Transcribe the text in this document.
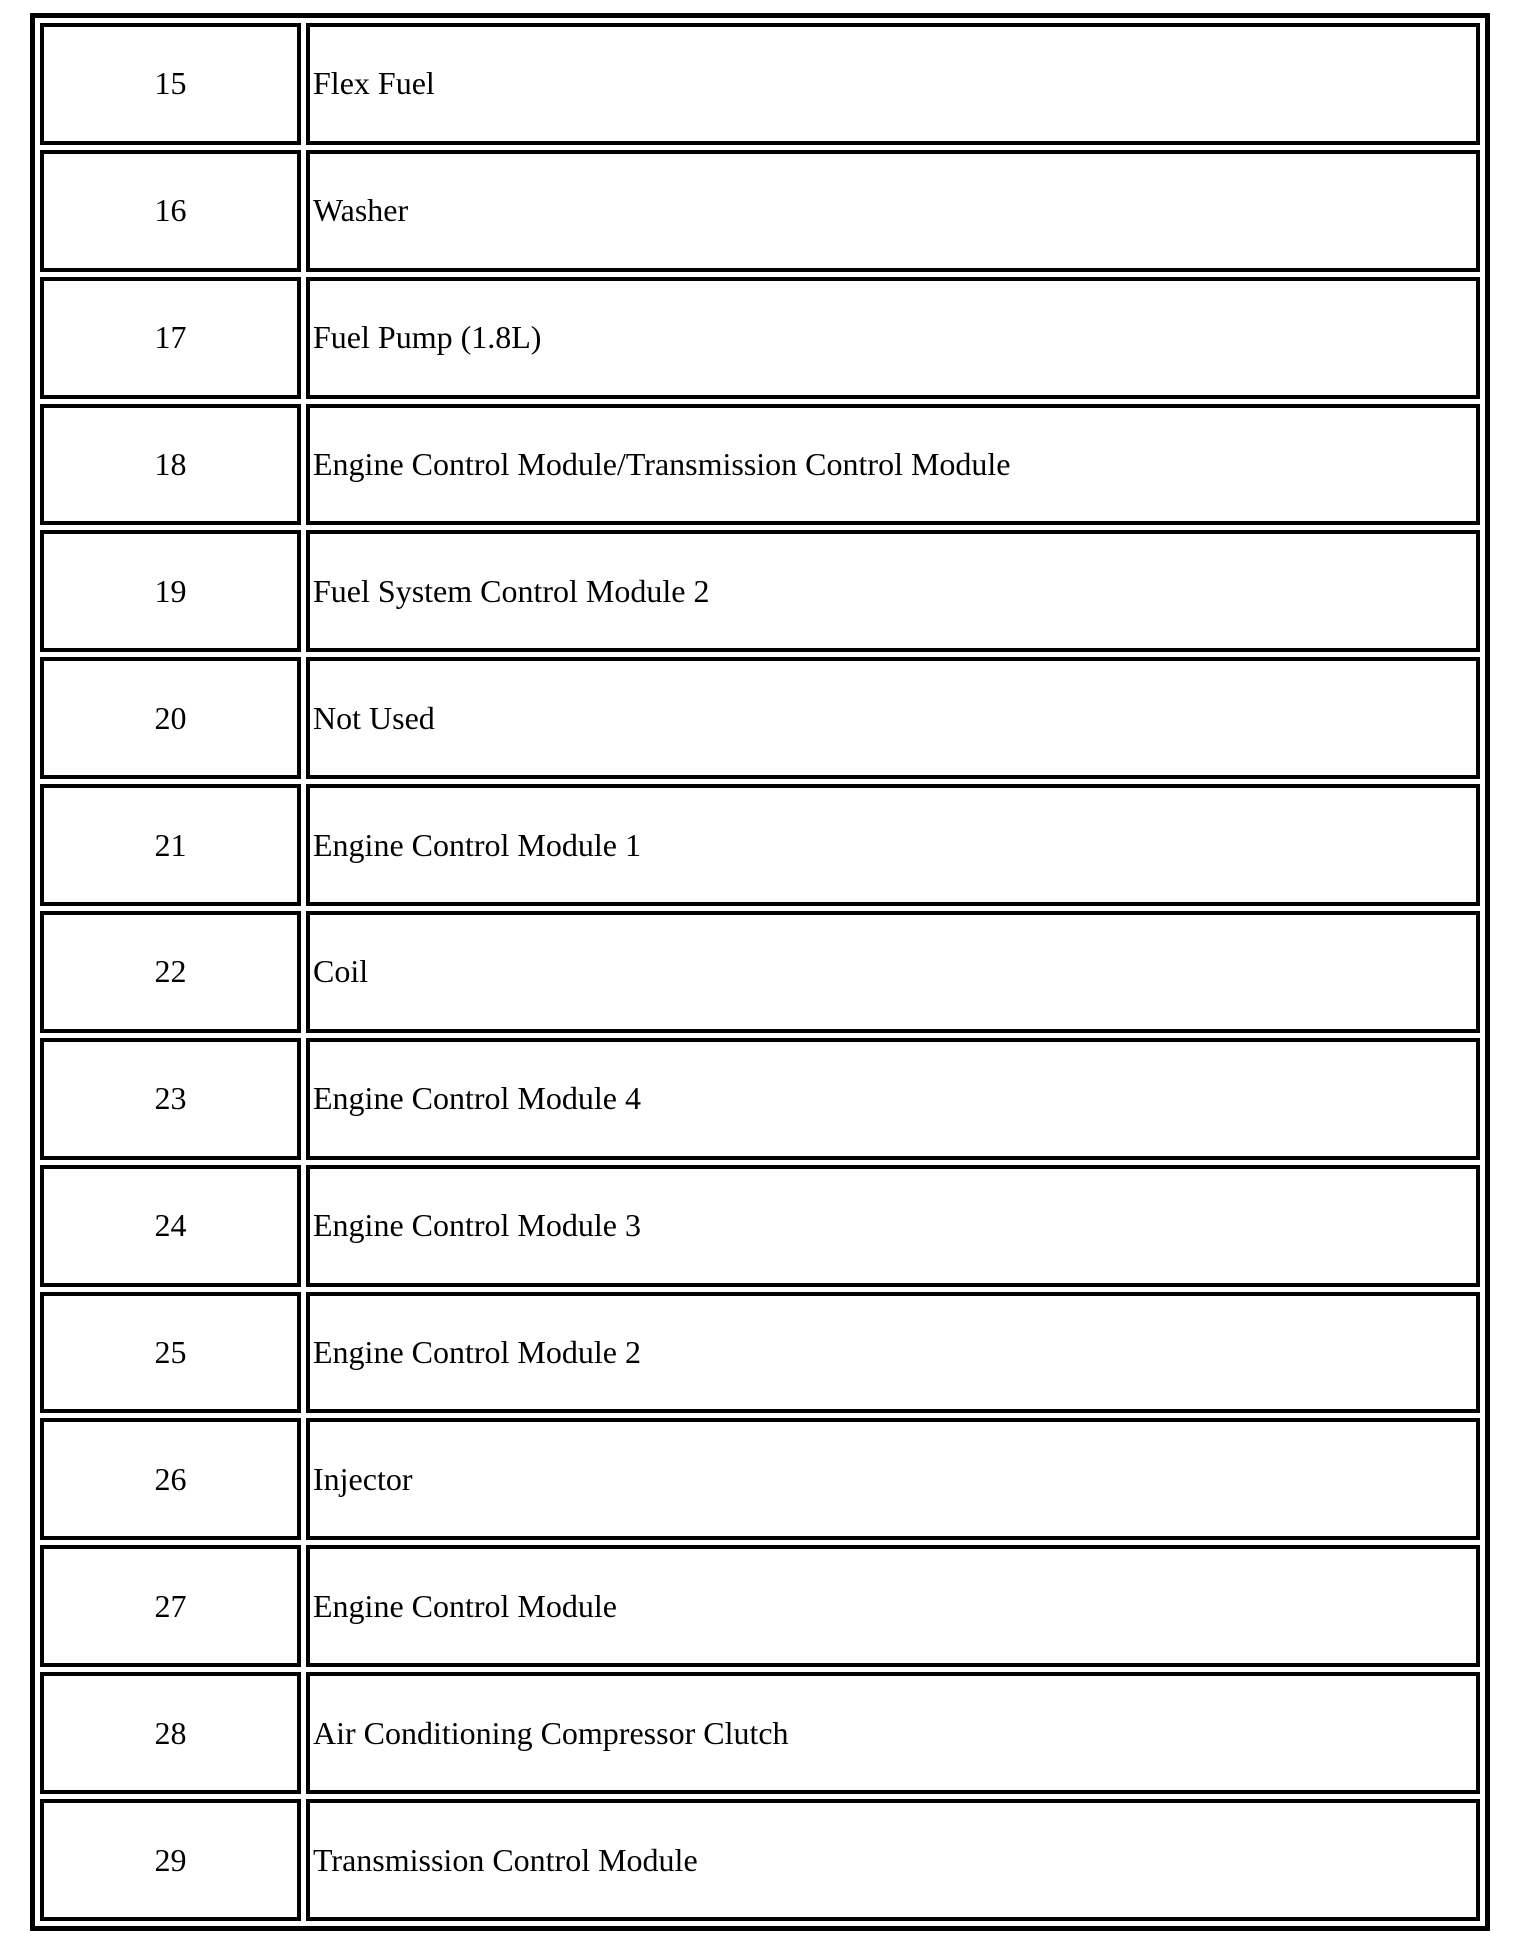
15	Flex Fuel
16	Washer
17	Fuel Pump (1.8L)
18	Engine Control Module/Transmission Control Module
19	Fuel System Control Module 2
20	Not Used
21	Engine Control Module 1
22	Coil
23	Engine Control Module 4
24	Engine Control Module 3
25	Engine Control Module 2
26	Injector
27	Engine Control Module
28	Air Conditioning Compressor Clutch
29	Transmission Control Module
